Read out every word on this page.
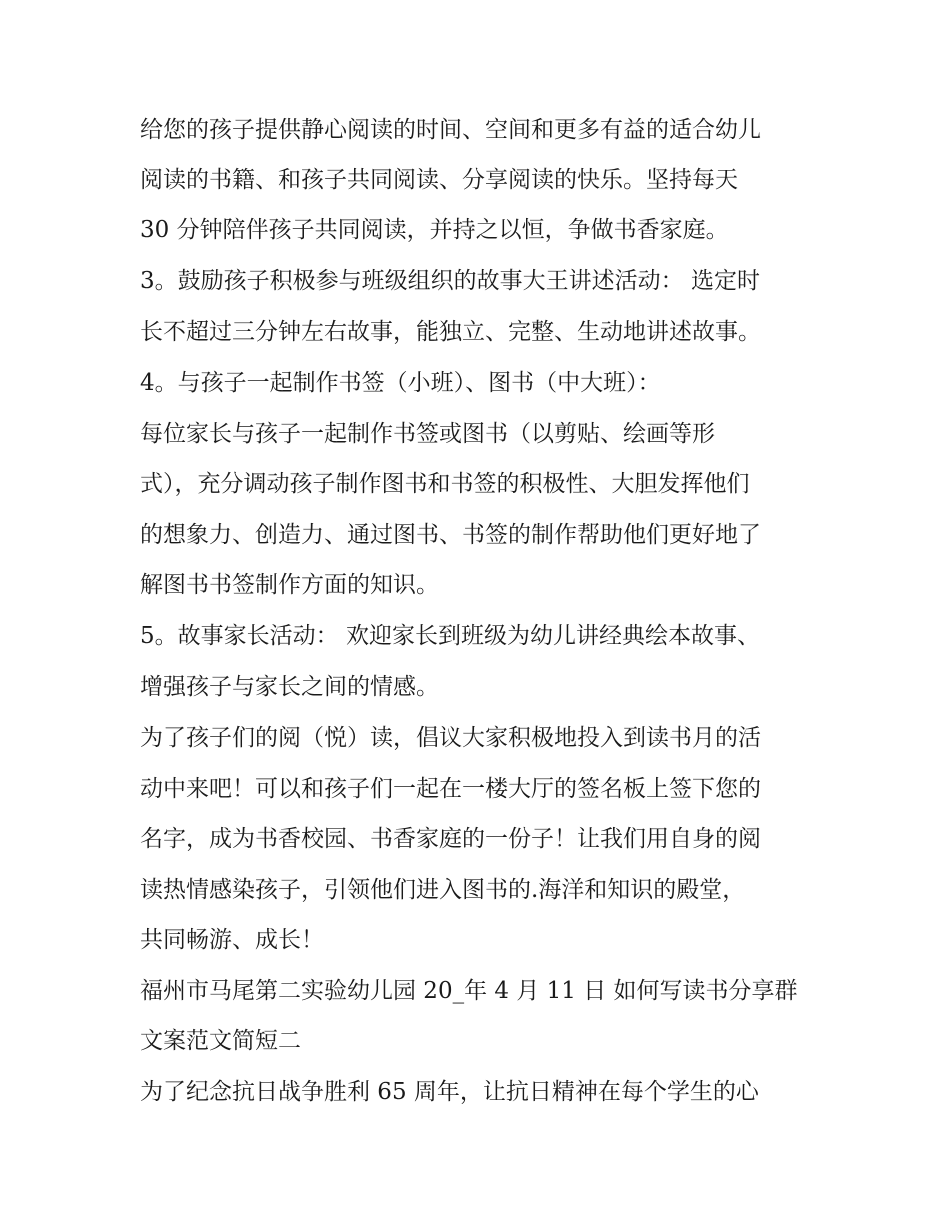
给您的孩子提供静心阅读的时间、空间和更多有益的适合幼儿
阅读的书籍、和孩子共同阅读、分享阅读的快乐。坚持每天
30 分钟陪伴孩子共同阅读，并持之以恒，争做书香家庭。
3。鼓励孩子积极参与班级组织的故事大王讲述活动： 选定时
长不超过三分钟左右故事，能独立、完整、生动地讲述故事。
4。与孩子一起制作书签（小班）、图书（中大班）：
每位家长与孩子一起制作书签或图书（以剪贴、绘画等形
式），充分调动孩子制作图书和书签的积极性、大胆发挥他们
的想象力、创造力、通过图书、书签的制作帮助他们更好地了
解图书书签制作方面的知识。
5。故事家长活动： 欢迎家长到班级为幼儿讲经典绘本故事、
增强孩子与家长之间的情感。
为了孩子们的阅（悦）读，倡议大家积极地投入到读书月的活
动中来吧！可以和孩子们一起在一楼大厅的签名板上签下您的
名字，成为书香校园、书香家庭的一份子！让我们用自身的阅
读热情感染孩子，引领他们进入图书的.海洋和知识的殿堂，
共同畅游、成长！
福州市马尾第二实验幼儿园 20_年 4 月 11 日 如何写读书分享群
文案范文简短二
为了纪念抗日战争胜利 65 周年，让抗日精神在每个学生的心
